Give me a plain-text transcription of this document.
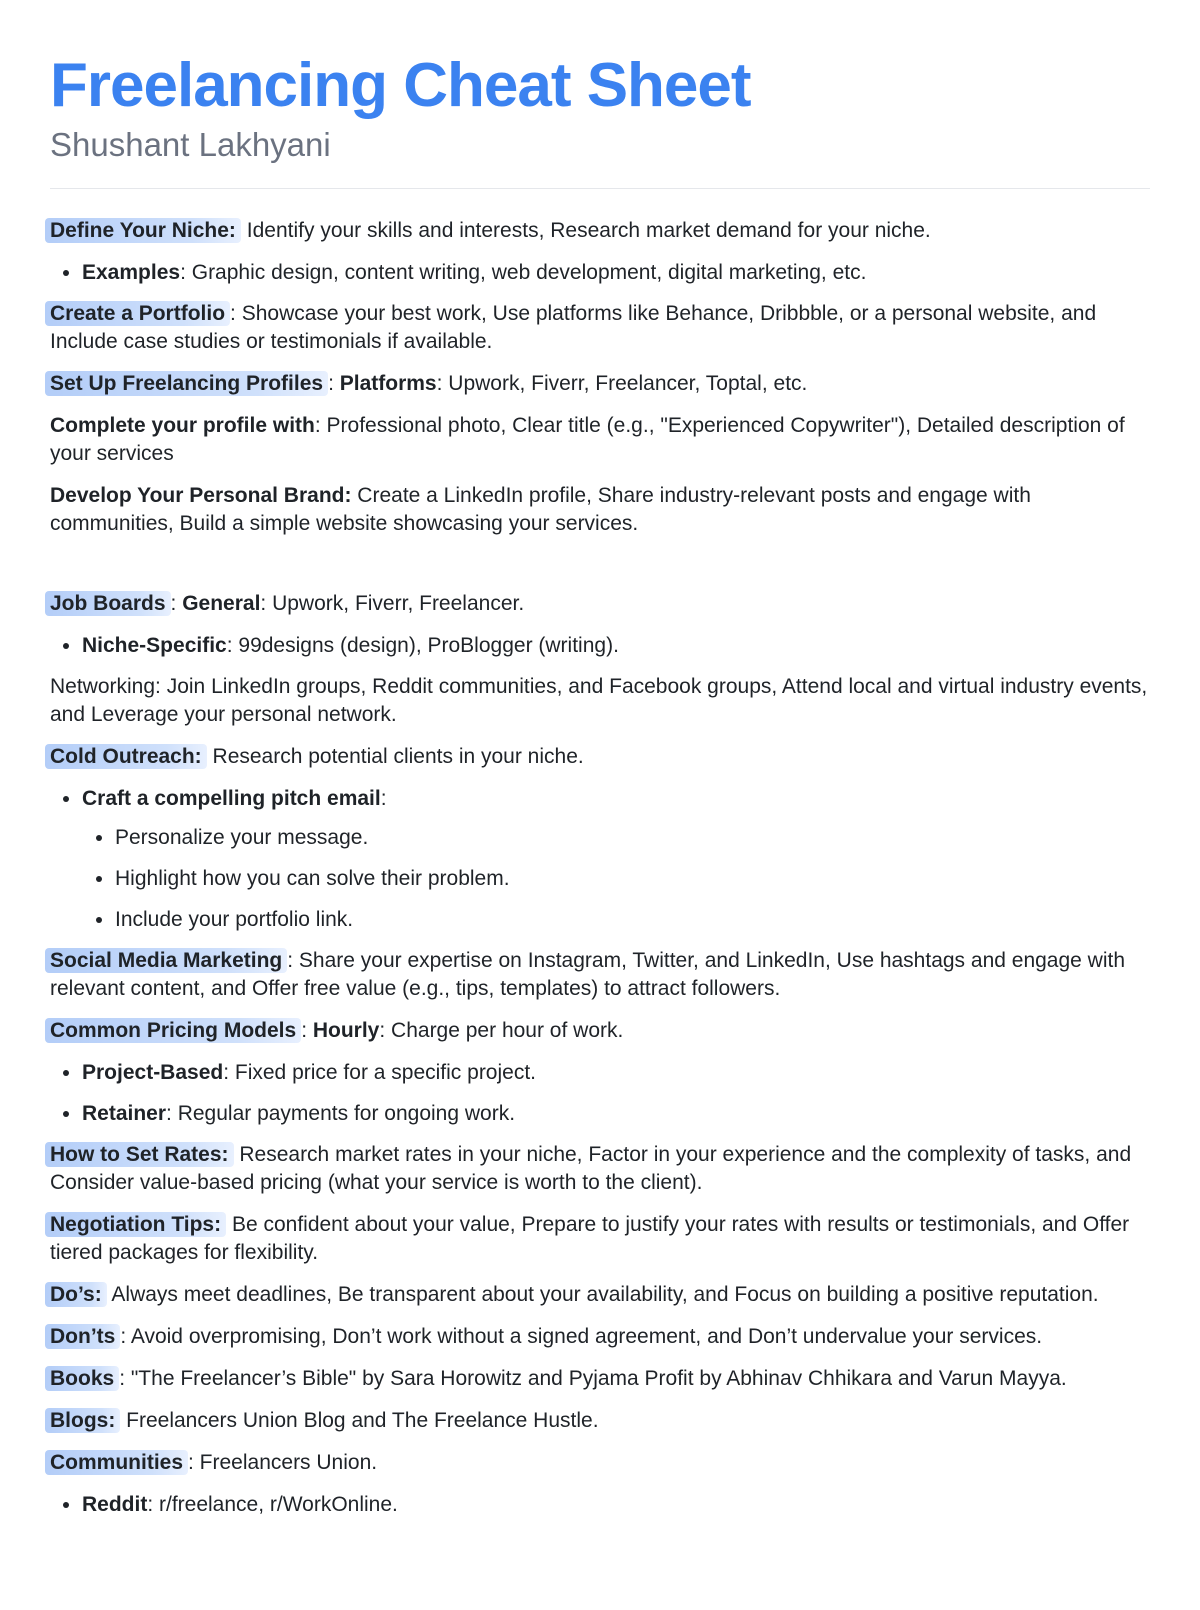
Freelancing Cheat Sheet
Shushant Lakhyani

Define Your Niche: Identify your skills and interests, Research market demand for your niche.

• Examples: Graphic design, content writing, web development, digital marketing, etc.

Create a Portfolio : Showcase your best work, Use platforms like Behance, Dribbble, or a personal website, and Include case studies or testimonials if available.

Set Up Freelancing Profiles : Platforms: Upwork, Fiverr, Freelancer, Toptal, etc.

Complete your profile with: Professional photo, Clear title (e.g., "Experienced Copywriter"), Detailed description of your services

Develop Your Personal Brand: Create a LinkedIn profile, Share industry-relevant posts and engage with communities, Build a simple website showcasing your services.

Job Boards : General: Upwork, Fiverr, Freelancer.

• Niche-Specific: 99designs (design), ProBlogger (writing).

Networking: Join LinkedIn groups, Reddit communities, and Facebook groups, Attend local and virtual industry events, and Leverage your personal network.

Cold Outreach: Research potential clients in your niche.

• Craft a compelling pitch email:
• Personalize your message.
• Highlight how you can solve their problem.
• Include your portfolio link.

Social Media Marketing : Share your expertise on Instagram, Twitter, and LinkedIn, Use hashtags and engage with relevant content, and Offer free value (e.g., tips, templates) to attract followers.

Common Pricing Models : Hourly: Charge per hour of work.

• Project-Based: Fixed price for a specific project.
• Retainer: Regular payments for ongoing work.

How to Set Rates: Research market rates in your niche, Factor in your experience and the complexity of tasks, and Consider value-based pricing (what your service is worth to the client).

Negotiation Tips: Be confident about your value, Prepare to justify your rates with results or testimonials, and Offer tiered packages for flexibility.

Do’s: Always meet deadlines, Be transparent about your availability, and Focus on building a positive reputation.

Don’ts : Avoid overpromising, Don’t work without a signed agreement, and Don’t undervalue your services.

Books : "The Freelancer’s Bible" by Sara Horowitz and Pyjama Profit by Abhinav Chhikara and Varun Mayya.

Blogs: Freelancers Union Blog and The Freelance Hustle.

Communities : Freelancers Union.

• Reddit: r/freelance, r/WorkOnline.
